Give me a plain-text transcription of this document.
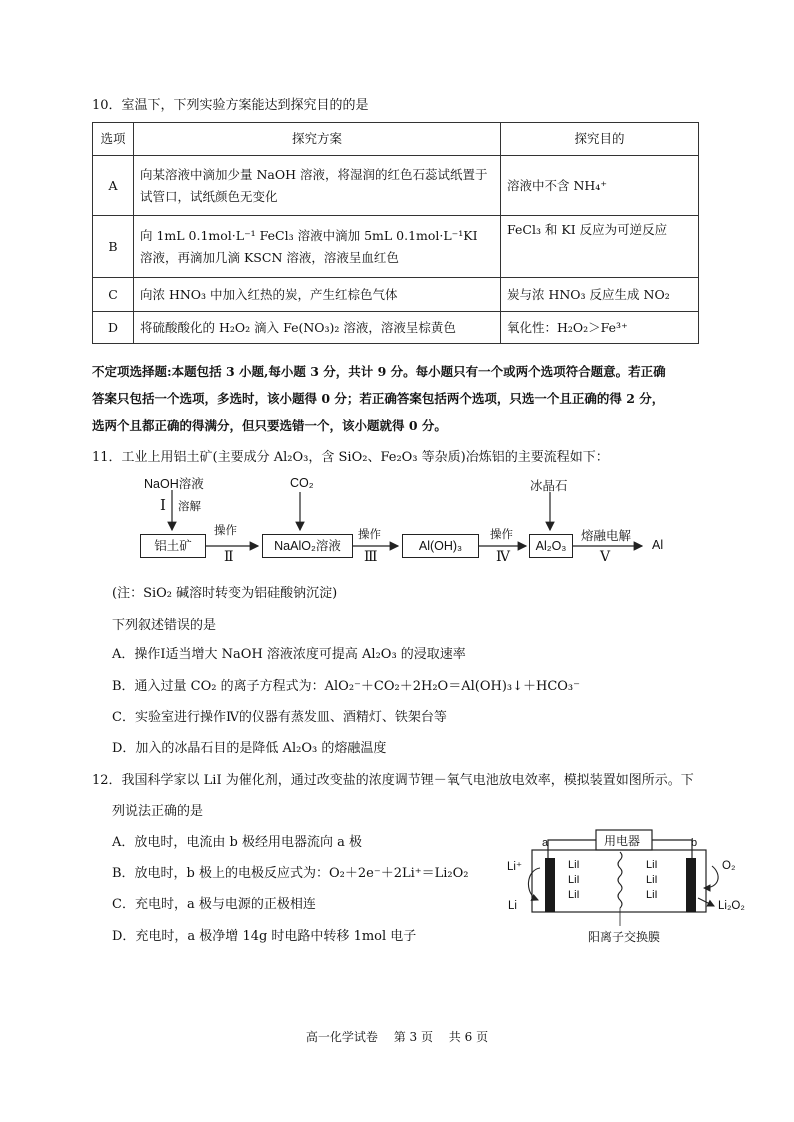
10．室温下，下列实验方案能达到探究目的的是
选项	探究方案	探究目的
A	向某溶液中滴加少量 NaOH 溶液，将湿润的红色石蕊试纸置于试管口，试纸颜色无变化	溶液中不含 NH₄⁺
B	向 1mL 0.1mol·L⁻¹ FeCl₃ 溶液中滴加 5mL 0.1mol·L⁻¹KI 溶液，再滴加几滴 KSCN 溶液，溶液呈血红色	FeCl₃ 和 KI 反应为可逆反应
C	向浓 HNO₃ 中加入红热的炭，产生红棕色气体	炭与浓 HNO₃ 反应生成 NO₂
D	将硫酸酸化的 H₂O₂ 滴入 Fe(NO₃)₂ 溶液，溶液呈棕黄色	氧化性：H₂O₂＞Fe³⁺
不定项选择题:本题包括 3 小题,每小题 3 分，共计 9 分。每小题只有一个或两个选项符合题意。若正确
答案只包括一个选项，多选时，该小题得 0 分；若正确答案包括两个选项，只选一个且正确的得 2 分，
选两个且都正确的得满分，但只要选错一个，该小题就得 0 分。
11．工业上用铝土矿(主要成分 Al₂O₃，含 SiO₂、Fe₂O₃ 等杂质)冶炼铝的主要流程如下：
NaOH溶液
Ⅰ 溶解
CO₂	冰晶石
铝土矿	NaAlO₂溶液	Al(OH)₃	Al₂O₃
操作
Ⅱ
操作
Ⅲ
操作
Ⅳ
熔融电解
Ⅴ
Al
(注：SiO₂ 碱溶时转变为铝硅酸钠沉淀)
下列叙述错误的是
A．操作Ⅰ适当增大 NaOH 溶液浓度可提高 Al₂O₃ 的浸取速率
B．通入过量 CO₂ 的离子方程式为：AlO₂⁻＋CO₂＋2H₂O＝Al(OH)₃↓＋HCO₃⁻
C．实验室进行操作Ⅳ的仪器有蒸发皿、酒精灯、铁架台等
D．加入的冰晶石目的是降低 Al₂O₃ 的熔融温度
12．我国科学家以 LiI 为催化剂，通过改变盐的浓度调节锂－氧气电池放电效率，模拟装置如图所示。下
列说法正确的是
A．放电时，电流由 b 极经用电器流向 a 极
B．放电时，b 极上的电极反应式为：O₂＋2e⁻＋2Li⁺＝Li₂O₂
C．充电时，a 极与电源的正极相连
D．充电时，a 极净增 14g 时电路中转移 1mol 电子
用电器
a	b
Li⁺
Li
O₂
Li₂O₂
LiI
LiI
LiI
LiI
LiI
LiI
阳离子交换膜
高一化学试卷　 第 3 页　 共 6 页
